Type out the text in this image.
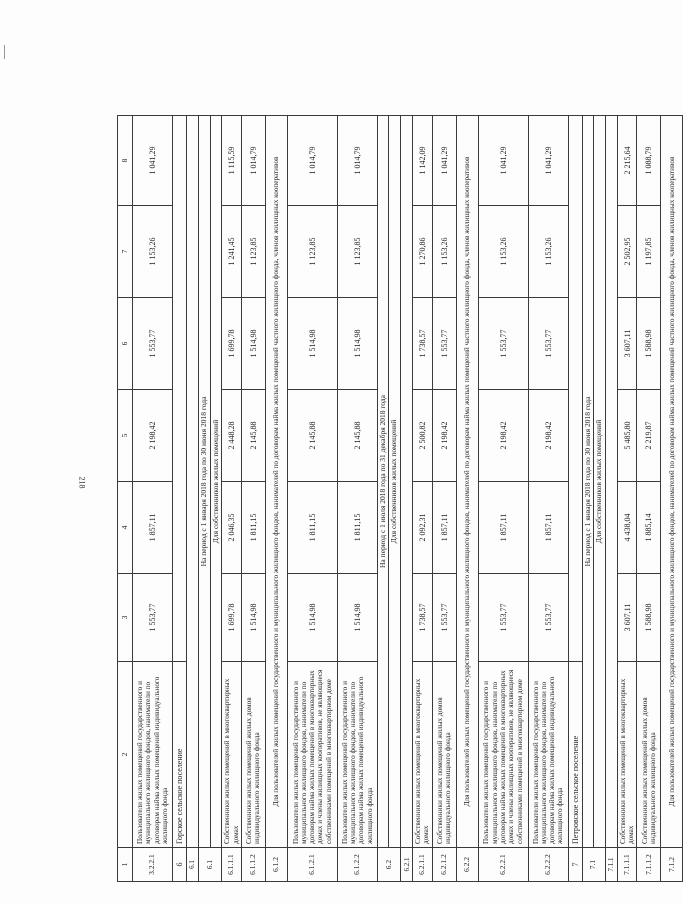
218
1	2	3	4	5	6	7	8
3.2.2.1	Пользователи жилых помещений государственного и муниципального жилищного фондов, наниматели по договорам найма жилых помещений индивидуального жилищного фонда	1 553,77	1 857,11	2 198,42	1 553,77	1 153,26	1 041,29
6	Горское сельское поселение						
6.1							
6.1	На период с 1 января 2018 года по 30 июня 2018 года Для собственников жилых помещений						

6.1.1.1	Собственники жилых помещений в многоквартирных домах	1 699,78	2 046,35	2 448,28	1 699,78	1 241,45	1 115,59
6.1.1.2	Собственники жилых помещений жилых домов индивидуального жилищного фонда	1 514,98	1 811,15	2 145,88	1 514,98	1 123,85	1 014,79
6.1.2	Для пользователей жилых помещений государственного и муниципального жилищного фондов, нанимателей по договорам найма жилых помещений частного жилищного фонда, членов жилищных кооперативов						
6.1.2.1	Пользователи жилых помещений государственного и муниципального жилищного фондов, наниматели по договорам найма жилых помещений в многоквартирных домах и члены жилищных кооперативов, не являющиеся собственниками помещений в многоквартирном доме	1 514,98	1 811,15	2 145,88	1 514,98	1 123,85	1 014,79
6.1.2.2	Пользователи жилых помещений государственного и муниципального жилищного фондов, наниматели по договорам найма жилых помещений индивидуального жилищного фонда	1 514,98	1 811,15	2 145,88	1 514,98	1 123,85	1 014,79
6.2	На период с 1 июля 2018 года по 31 декабря 2018 года Для собственников жилых помещений						

6.2.1							
6.2.1.1	Собственники жилых помещений в многоквартирных домах	1 738,57	2 092,31	2 500,82	1 738,57	1 270,86	1 142,09
6.2.1.2	Собственники жилых помещений жилых домов индивидуального жилищного фонда	1 553,77	1 857,11	2 198,42	1 553,77	1 153,26	1 041,29
6.2.2	Для пользователей жилых помещений государственного и муниципального жилищного фондов, нанимателей по договорам найма жилых помещений частного жилищного фонда, членов жилищных кооперативов						
6.2.2.1	Пользователи жилых помещений государственного и муниципального жилищного фондов, наниматели по договорам найма жилых помещений в многоквартирных домах и члены жилищных кооперативов, не являющиеся собственниками помещений в многоквартирном доме	1 553,77	1 857,11	2 198,42	1 553,77	1 153,26	1 041,29
6.2.2.2	Пользователи жилых помещений государственного и муниципального жилищного фондов, наниматели по договорам найма жилых помещений индивидуального жилищного фонда	1 553,77	1 857,11	2 198,42	1 553,77	1 153,26	1 041,29
7	Петровское сельское поселение						
7.1	На период с 1 января 2018 года по 30 июня 2018 года Для собственников жилых помещений						

7.1.1							
7.1.1.1	Собственники жилых помещений в многоквартирных домах	3 607,11	4 438,04	5 485,80	3 607,11	2 502,95	2 215,64
7.1.1.2	Собственники жилых помещений жилых домов индивидуального жилищного фонда	1 588,98	1 885,14	2 219,87	1 588,98	1 197,85	1 088,79
7.1.2	Для пользователей жилых помещений государственного и муниципального жилищного фондов, нанимателей по договорам найма жилых помещений частного жилищного фонда, членов жилищных кооперативов						
